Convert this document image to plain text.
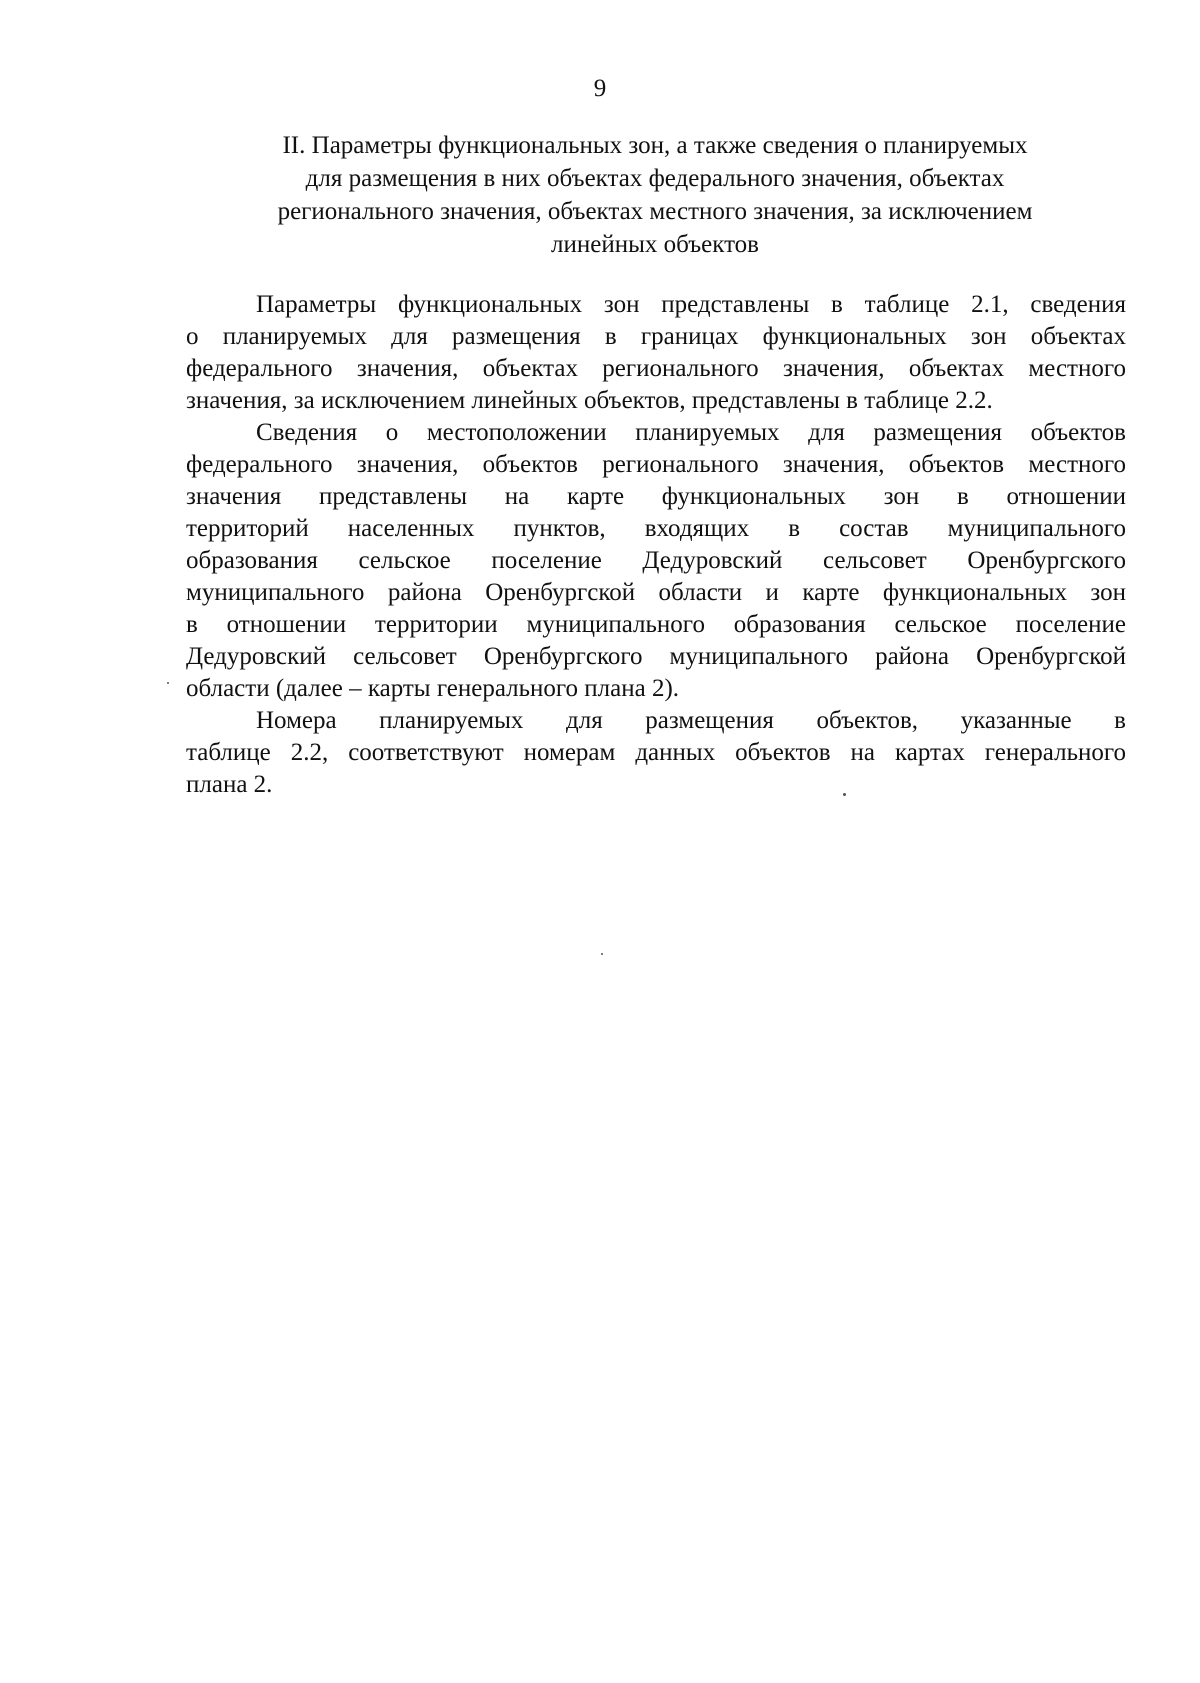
9
II. Параметры функциональных зон, а также сведения о планируемых
для размещения в них объектах федерального значения, объектах
регионального значения, объектах местного значения, за исключением
линейных объектов

Параметры функциональных зон представлены в таблице 2.1, сведения
о планируемых для размещения в границах функциональных зон объектах
федерального значения, объектах регионального значения, объектах местного
значения, за исключением линейных объектов, представлены в таблице 2.2.

Сведения о местоположении планируемых для размещения объектов
федерального значения, объектов регионального значения, объектов местного
значения представлены на карте функциональных зон в отношении
территорий населенных пунктов, входящих в состав муниципального
образования сельское поселение Дедуровский сельсовет Оренбургского
муниципального района Оренбургской области и карте функциональных зон
в отношении территории муниципального образования сельское поселение
Дедуровский сельсовет Оренбургского муниципального района Оренбургской
области (далее – карты генерального плана 2).

Номера планируемых для размещения объектов, указанные в
таблице 2.2, соответствуют номерам данных объектов на картах генерального
плана 2.
